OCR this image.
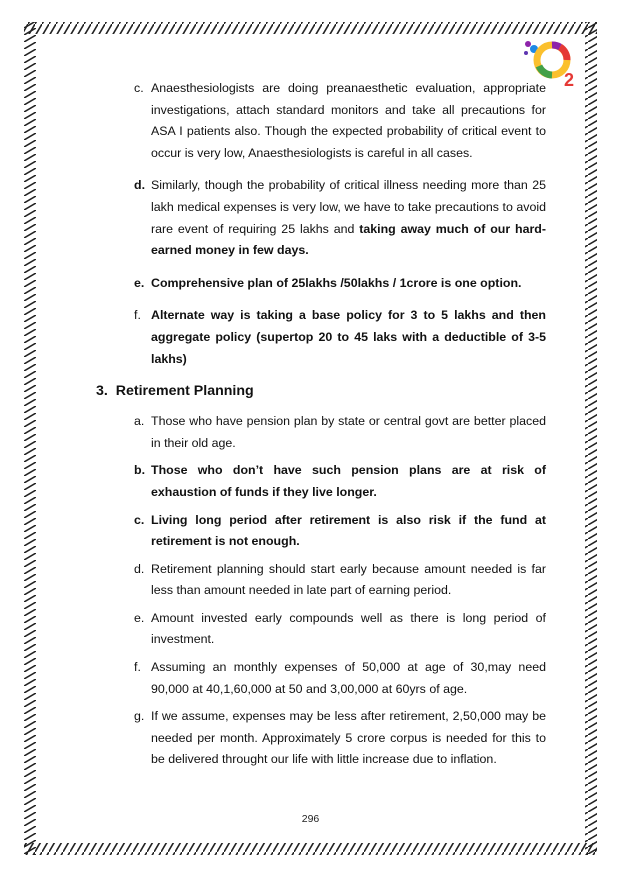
2
c. Anaesthesiologists are doing preanaesthetic evaluation, appropriate investigations, attach standard monitors and take all precautions for ASA I patients also. Though the expected probability of critical event to occur is very low, Anaesthesiologists is careful in all cases.
d. Similarly, though the probability of critical illness needing more than 25 lakh medical expenses is very low, we have to take precautions to avoid rare event of requiring 25 lakhs and taking away much of our hard- earned money in few days.
e. Comprehensive plan of 25lakhs /50lakhs / 1crore is one option.
f. Alternate way is taking a base policy for 3 to 5 lakhs and then aggregate policy (supertop 20 to 45 laks with a deductible of 3-5 lakhs)
3. Retirement Planning
a. Those who have pension plan by state or central govt are better placed in their old age.
b. Those who don’t have such pension plans are at risk of exhaustion of funds if they live longer.
c. Living long period after retirement is also risk if the fund at retirement is not enough.
d. Retirement planning should start early because amount needed is far less than amount needed in late part of earning period.
e. Amount invested early compounds well as there is long period of investment.
f. Assuming an monthly expenses of 50,000 at age of 30,may need 90,000 at 40,1,60,000 at 50 and 3,00,000 at 60yrs of age.
g. If we assume, expenses may be less after retirement, 2,50,000 may be needed per month. Approximately 5 crore corpus is needed for this to be delivered throught our life with little increase due to inflation.
296
